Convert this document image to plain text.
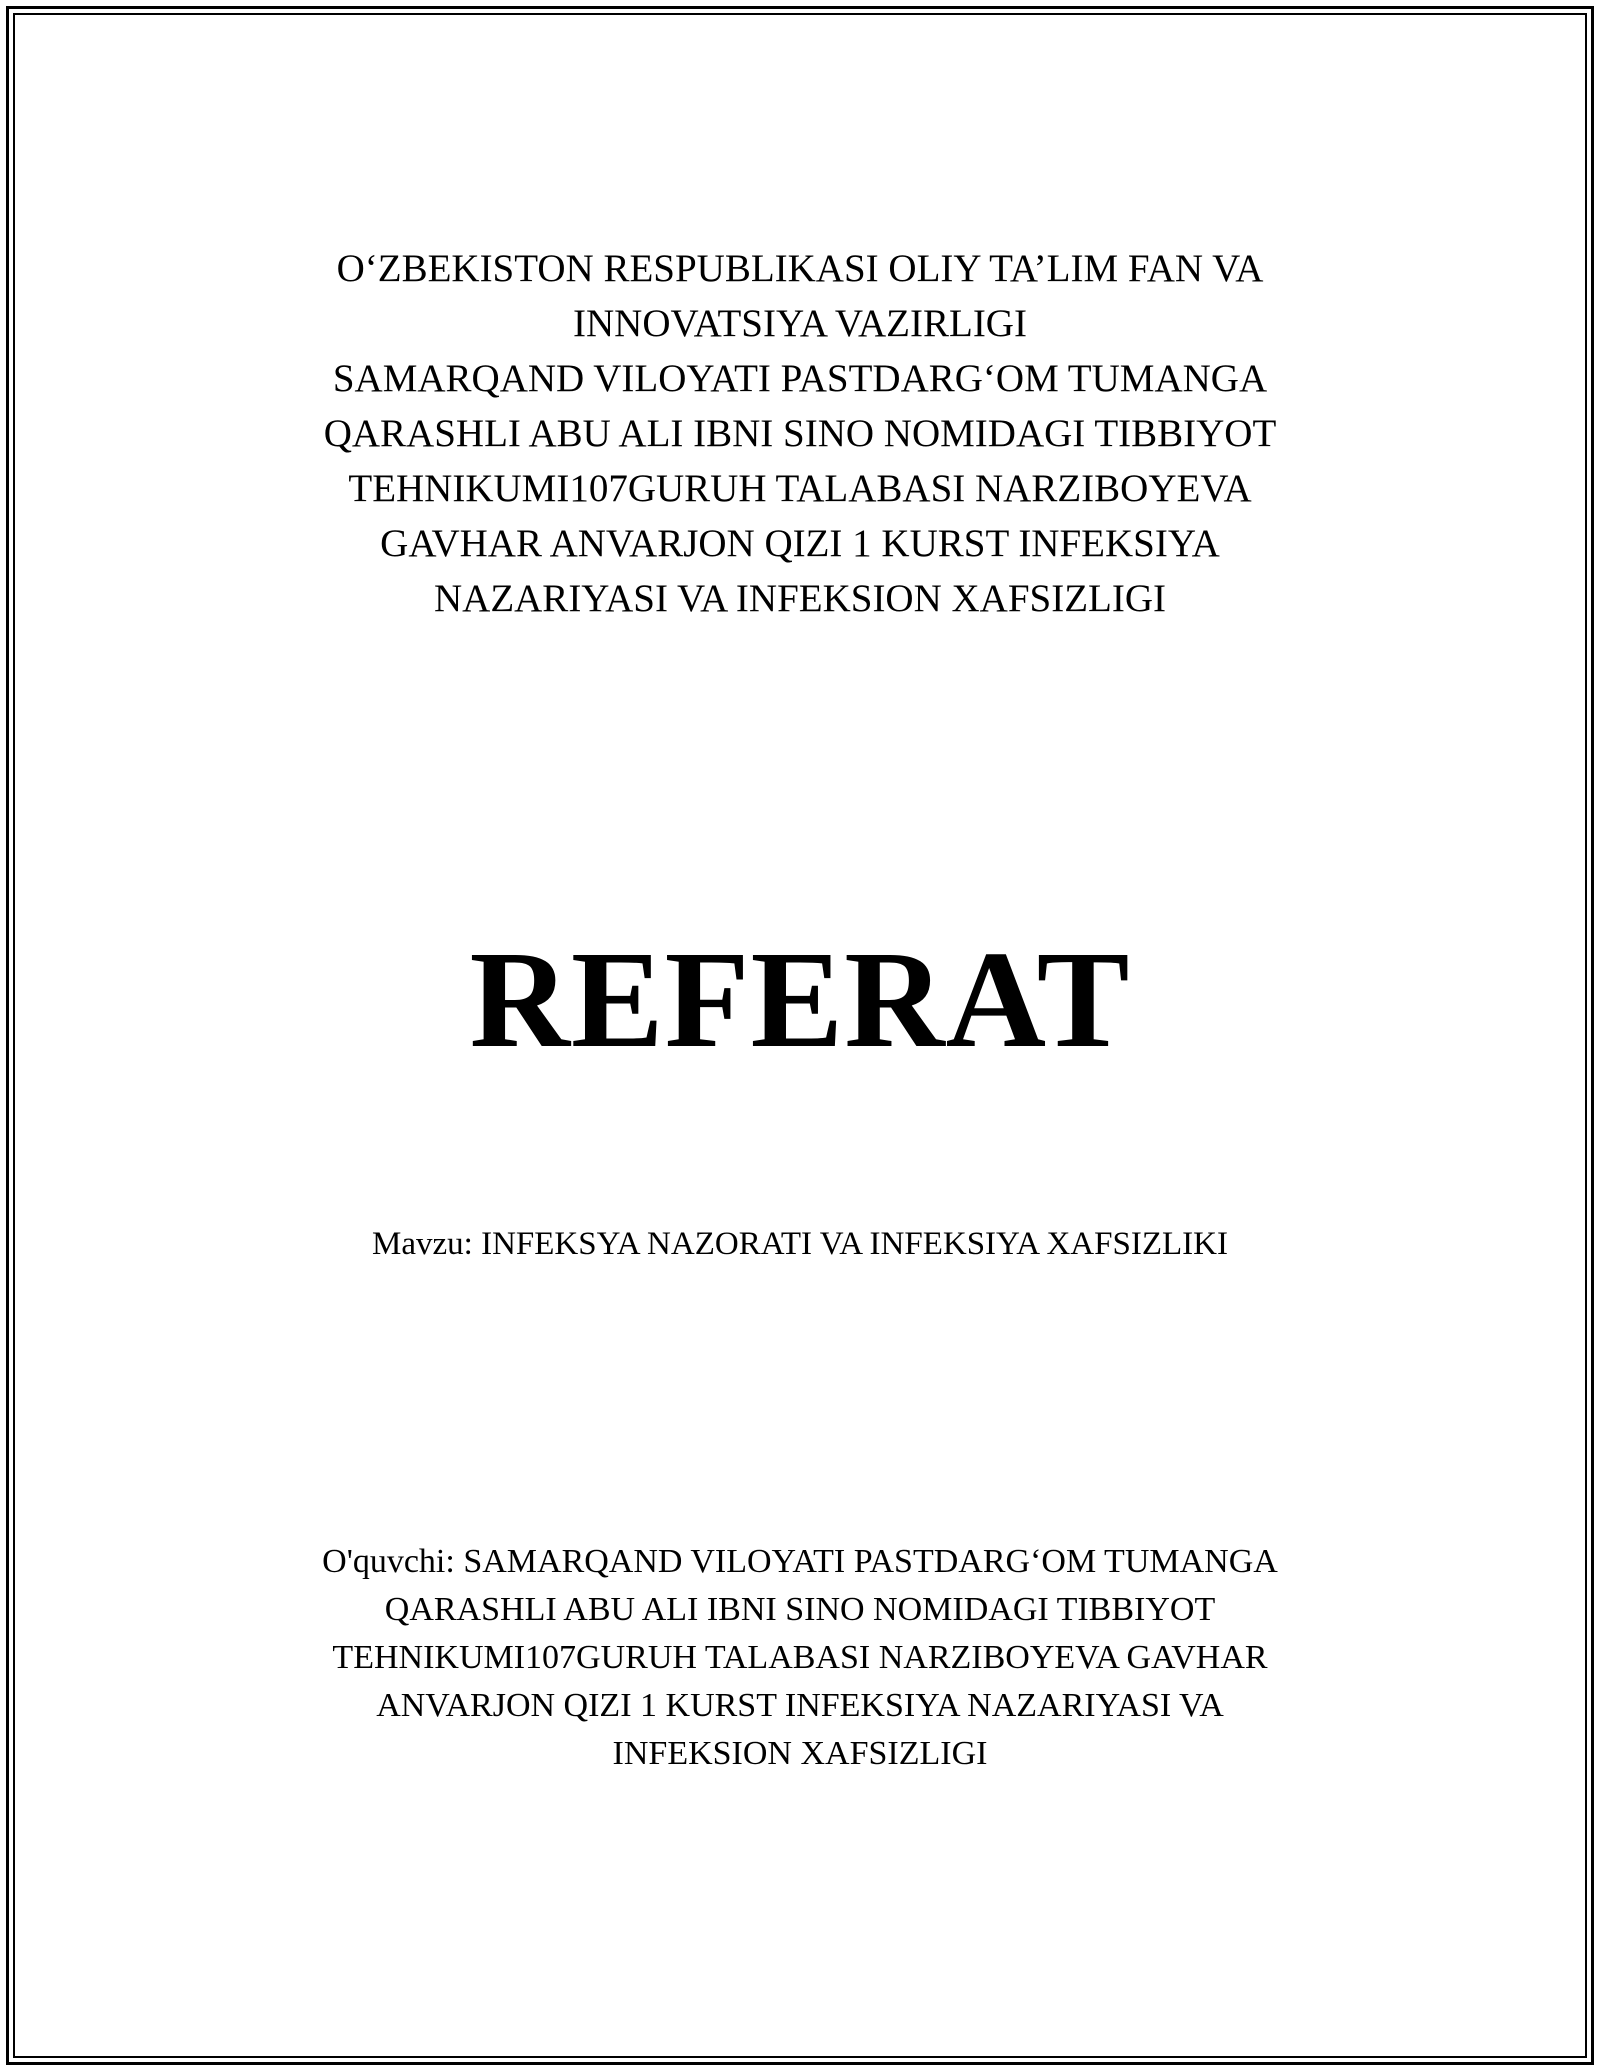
O‘ZBEKISTON RESPUBLIKASI OLIY TA’LIM FAN VA
INNOVATSIYA VAZIRLIGI
SAMARQAND VILOYATI PASTDARG‘OM TUMANGA
QARASHLI ABU ALI IBNI SINO NOMIDAGI TIBBIYOT
TEHNIKUMI107GURUH TALABASI NARZIBOYEVA
GAVHAR ANVARJON QIZI 1 KURST INFEKSIYA
NAZARIYASI VA INFEKSION XAFSIZLIGI
REFERAT
Mavzu: INFEKSYA NAZORATI VA INFEKSIYA XAFSIZLIKI
O'quvchi: SAMARQAND VILOYATI PASTDARG‘OM TUMANGA
QARASHLI ABU ALI IBNI SINO NOMIDAGI TIBBIYOT
TEHNIKUMI107GURUH TALABASI NARZIBOYEVA GAVHAR
ANVARJON QIZI 1 KURST INFEKSIYA NAZARIYASI VA
INFEKSION XAFSIZLIGI
